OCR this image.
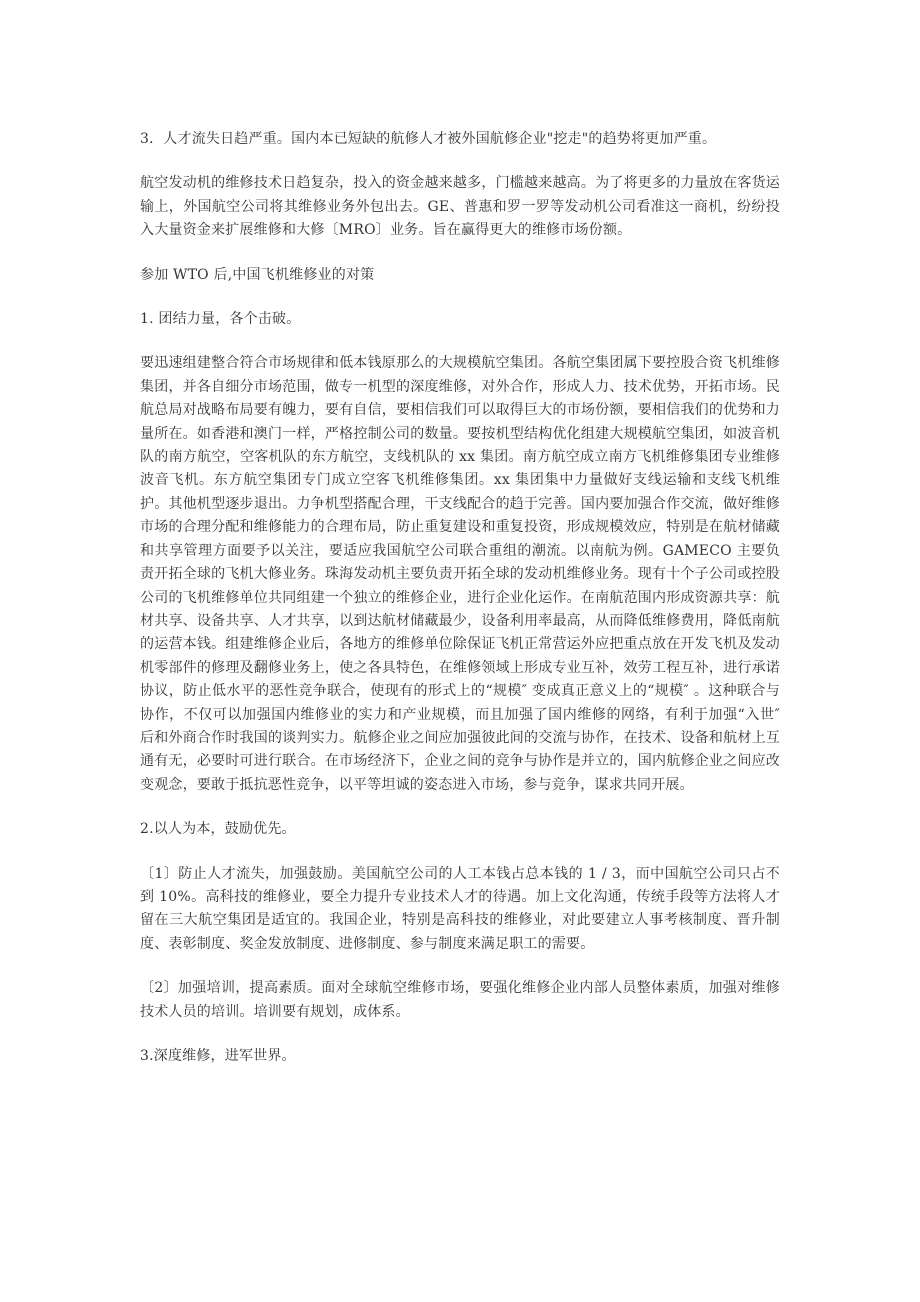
3．人才流失日趋严重。国内本已短缺的航修人才被外国航修企业"挖走"的趋势将更加严重。

航空发动机的维修技术日趋复杂，投入的资金越来越多，门槛越来越高。为了将更多的力量放在客货运输上，外国航空公司将其维修业务外包出去。GE、普惠和罗一罗等发动机公司看准这一商机，纷纷投入大量资金来扩展维修和大修〔MRO〕业务。旨在赢得更大的维修市场份额。

参加 WTO 后,中国飞机维修业的对策

1. 团结力量，各个击破。

要迅速组建整合符合市场规律和低本钱原那么的大规模航空集团。各航空集团属下要控股合资飞机维修集团，并各自细分市场范围，做专一机型的深度维修，对外合作，形成人力、技术优势，开拓市场。民航总局对战略布局要有魄力，要有自信，要相信我们可以取得巨大的市场份额，要相信我们的优势和力量所在。如香港和澳门一样，严格控制公司的数量。要按机型结构优化组建大规模航空集团，如波音机队的南方航空，空客机队的东方航空，支线机队的 xx 集团。南方航空成立南方飞机维修集团专业维修波音飞机。东方航空集团专门成立空客飞机维修集团。xx 集团集中力量做好支线运输和支线飞机维护。其他机型逐步退出。力争机型搭配合理，干支线配合的趋于完善。国内要加强合作交流，做好维修市场的合理分配和维修能力的合理布局，防止重复建设和重复投资，形成规模效应，特别是在航材储藏和共享管理方面要予以关注，要适应我国航空公司联合重组的潮流。以南航为例。GAMECO 主要负责开拓全球的飞机大修业务。珠海发动机主要负责开拓全球的发动机维修业务。现有十个子公司或控股公司的飞机维修单位共同组建一个独立的维修企业，进行企业化运作。在南航范围内形成资源共享：航材共享、设备共享、人才共享，以到达航材储藏最少，设备利用率最高，从而降低维修费用，降低南航的运营本钱。组建维修企业后，各地方的维修单位除保证飞机正常营运外应把重点放在开发飞机及发动机零部件的修理及翻修业务上，使之各具特色，在维修领域上形成专业互补，效劳工程互补，进行承诺协议，防止低水平的恶性竞争联合，使现有的形式上的“规模″ 变成真正意义上的“规模″ 。这种联合与协作，不仅可以加强国内维修业的实力和产业规模，而且加强了国内维修的网络，有利于加强“入世″ 后和外商合作时我国的谈判实力。航修企业之间应加强彼此间的交流与协作，在技术、设备和航材上互通有无，必要时可进行联合。在市场经济下，企业之间的竞争与协作是并立的，国内航修企业之间应改变观念，要敢于抵抗恶性竞争，以平等坦诚的姿态进入市场，参与竞争，谋求共同开展。

2.以人为本，鼓励优先。

〔1〕防止人才流失，加强鼓励。美国航空公司的人工本钱占总本钱的 1 / 3，而中国航空公司只占不到 10%。高科技的维修业，要全力提升专业技术人才的待遇。加上文化沟通，传统手段等方法将人才留在三大航空集团是适宜的。我国企业，特别是高科技的维修业，对此要建立人事考核制度、晋升制度、表彰制度、奖金发放制度、进修制度、参与制度来满足职工的需要。

〔2〕加强培训，提高素质。面对全球航空维修市场，要强化维修企业内部人员整体素质，加强对维修技术人员的培训。培训要有规划，成体系。

3.深度维修，进军世界。
